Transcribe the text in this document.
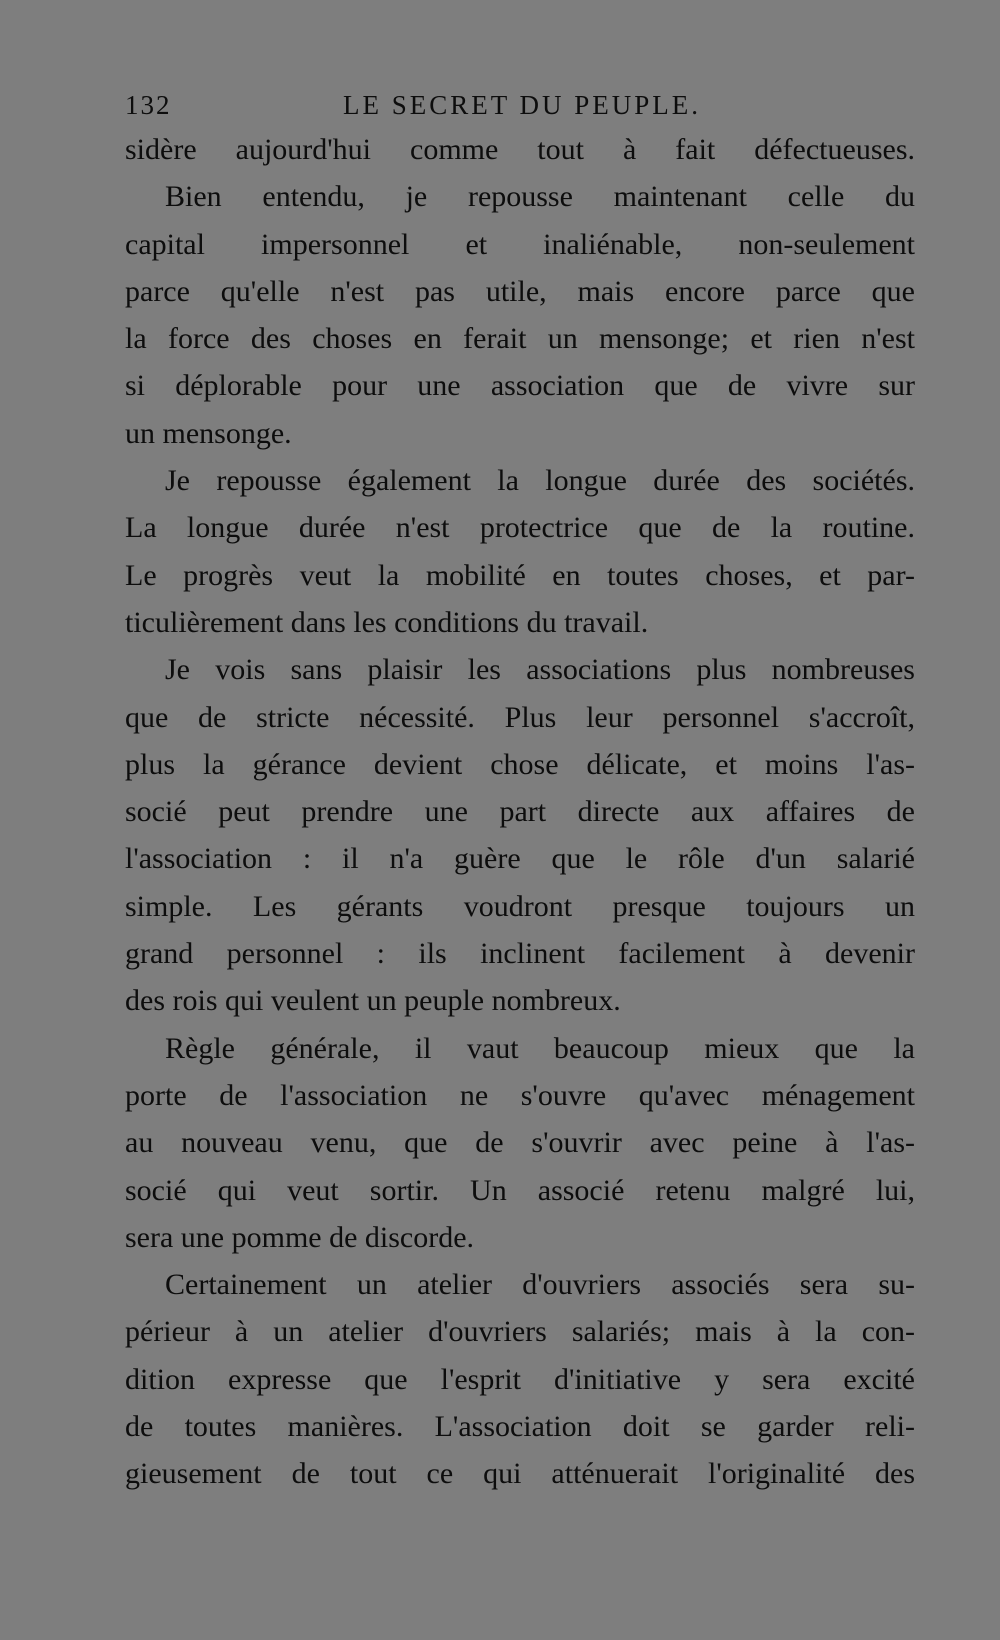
132	LE SECRET DU PEUPLE.
sidère aujourd'hui comme tout à fait défectueuses.
Bien entendu, je repousse maintenant celle du
capital impersonnel et inaliénable, non-seulement
parce qu'elle n'est pas utile, mais encore parce que
la force des choses en ferait un mensonge; et rien n'est
si déplorable pour une association que de vivre sur
un mensonge.
Je repousse également la longue durée des sociétés.
La longue durée n'est protectrice que de la routine.
Le progrès veut la mobilité en toutes choses, et par-
ticulièrement dans les conditions du travail.
Je vois sans plaisir les associations plus nombreuses
que de stricte nécessité. Plus leur personnel s'accroît,
plus la gérance devient chose délicate, et moins l'as-
socié peut prendre une part directe aux affaires de
l'association : il n'a guère que le rôle d'un salarié
simple. Les gérants voudront presque toujours un
grand personnel : ils inclinent facilement à devenir
des rois qui veulent un peuple nombreux.
Règle générale, il vaut beaucoup mieux que la
porte de l'association ne s'ouvre qu'avec ménagement
au nouveau venu, que de s'ouvrir avec peine à l'as-
socié qui veut sortir. Un associé retenu malgré lui,
sera une pomme de discorde.
Certainement un atelier d'ouvriers associés sera su-
périeur à un atelier d'ouvriers salariés; mais à la con-
dition expresse que l'esprit d'initiative y sera excité
de toutes manières. L'association doit se garder reli-
gieusement de tout ce qui atténuerait l'originalité des
